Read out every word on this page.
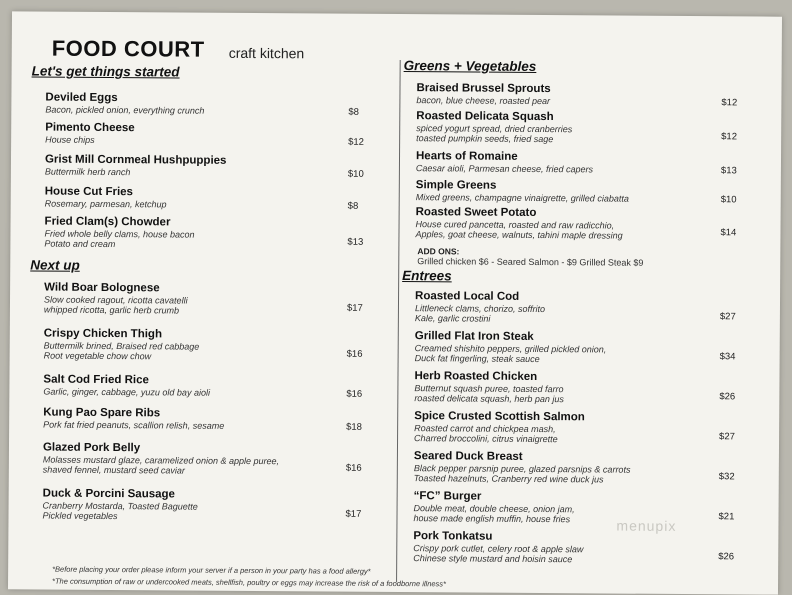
FOOD COURT craft kitchen
Let's get things started
Next up
Greens + Vegetables
Entrees
Deviled Eggs
Bacon, pickled onion, everything crunch	$8
Pimento Cheese
House chips	$12
Grist Mill Cornmeal Hushpuppies
Buttermilk herb ranch	$10
House Cut Fries
Rosemary, parmesan, ketchup	$8
Fried Clam(s) Chowder
Fried whole belly clams, house bacon
Potato and cream	$13
Wild Boar Bolognese
Slow cooked ragout, ricotta cavatelli
whipped ricotta, garlic herb crumb	$17
Crispy Chicken Thigh
Buttermilk brined, Braised red cabbage
Root vegetable chow chow	$16
Salt Cod Fried Rice
Garlic, ginger, cabbage, yuzu old bay aioli	$16
Kung Pao Spare Ribs
Pork fat fried peanuts, scallion relish, sesame	$18
Glazed Pork Belly
Molasses mustard glaze, caramelized onion & apple puree,
shaved fennel, mustard seed caviar	$16
Duck & Porcini Sausage
Cranberry Mostarda, Toasted Baguette
Pickled vegetables	$17
Braised Brussel Sprouts
bacon, blue cheese, roasted pear	$12
Roasted Delicata Squash
spiced yogurt spread, dried cranberries
toasted pumpkin seeds, fried sage	$12
Hearts of Romaine
Caesar aioli, Parmesan cheese, fried capers	$13
Simple Greens
Mixed greens, champagne vinaigrette, grilled ciabatta	$10
Roasted Sweet Potato
House cured pancetta, roasted and raw radicchio,
Apples, goat cheese, walnuts, tahini maple dressing	$14
Roasted Local Cod
Littleneck clams, chorizo, soffrito
Kale, garlic crostini	$27
Grilled Flat Iron Steak
Creamed shishito peppers, grilled pickled onion,
Duck fat fingerling, steak sauce	$34
Herb Roasted Chicken
Butternut squash puree, toasted farro
roasted delicata squash, herb pan jus	$26
Spice Crusted Scottish Salmon
Roasted carrot and chickpea mash,
Charred broccolini, citrus vinaigrette	$27
Seared Duck Breast
Black pepper parsnip puree, glazed parsnips & carrots
Toasted hazelnuts, Cranberry red wine duck jus	$32
“FC” Burger
Double meat, double cheese, onion jam,
house made english muffin, house fries	$21
Pork Tonkatsu
Crispy pork cutlet, celery root & apple slaw
Chinese style mustard and hoisin sauce	$26
ADD ONS:
Grilled chicken $6 - Seared Salmon - $9 Grilled Steak $9
*Before placing your order please inform your server if a person in your party has a food allergy*
*The consumption of raw or undercooked meats, shellfish, poultry or eggs may increase the risk of a foodborne illness*
menupix
